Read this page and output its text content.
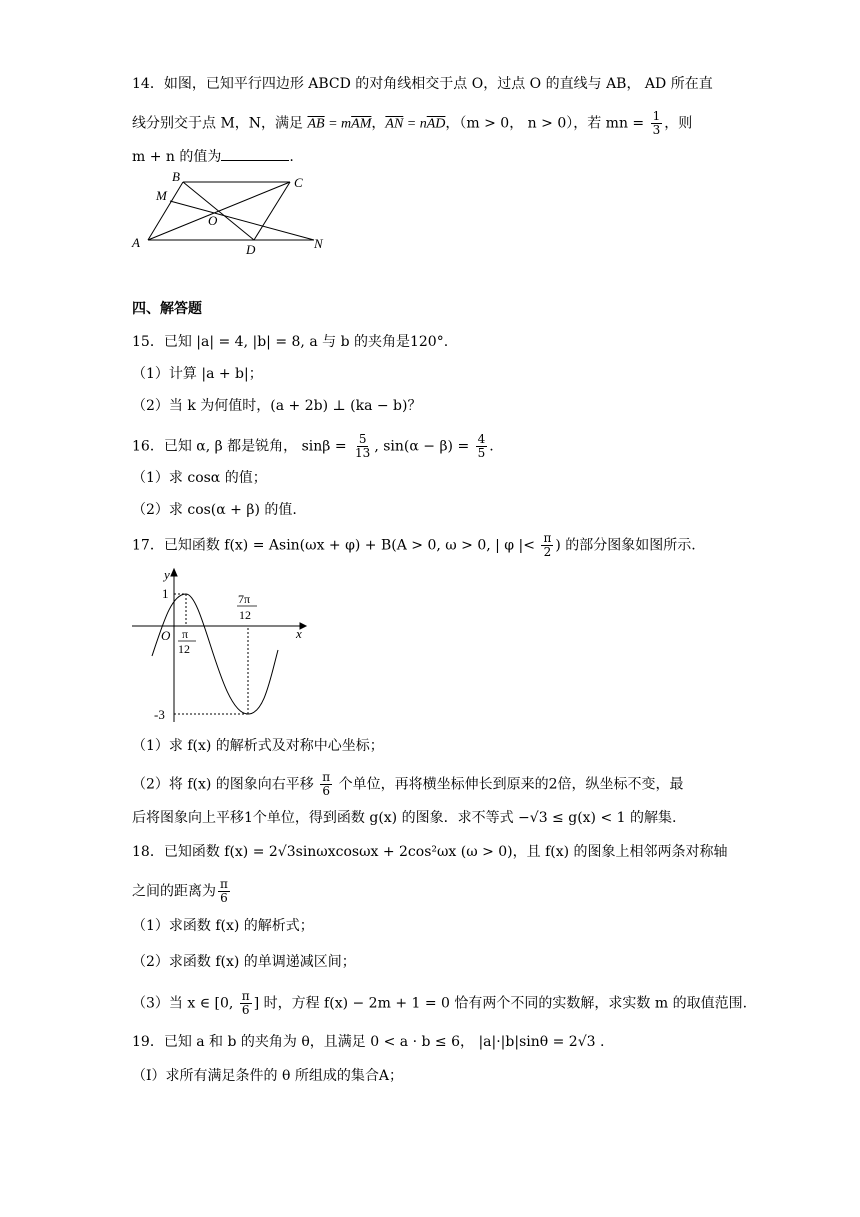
14．如图，已知平行四边形 ABCD 的对角线相交于点 O，过点 O 的直线与 AB， AD 所在直
线分别交于点 M，N，满足 $\overline{AB} = m\overline{AM}$，$\overline{AN} = n\overline{AD}$，（m > 0， n > 0），若 mn = $\frac{1}{3}$ ，则
m + n 的值为	.
B	C
M
O
A	D	N
四、解答题
15．已知 |a| = 4, |b| = 8, a 与 b 的夹角是120°.
（1）计算 |a + b|；
（2）当 k 为何值时，(a + 2b) ⊥ (ka − b)？
16．已知 α, β 都是锐角， $\sin\beta = \frac{5}{13}$ , $\sin(\alpha - \beta) = \frac{4}{5}$ .
（1）求 cosα 的值；
（2）求 cos(α + β) 的值.
17．已知函数 f(x) = Asin(ωx + φ) + B(A > 0, ω > 0, | φ |< $\frac{\pi}{2}$ ) 的部分图象如图所示.
y
x
1
O
-3
π
12
7π
12
（1）求 f(x) 的解析式及对称中心坐标；
（2）将 f(x) 的图象向右平移 $\frac{\pi}{6}$ 个单位，再将横坐标伸长到原来的2倍，纵坐标不变，最
后将图象向上平移1个单位，得到函数 g(x) 的图象．求不等式 −√3 ≤ g(x) < 1 的解集.
18．已知函数 f(x) = 2√3sinωxcosωx + 2cos²ωx (ω > 0)，且 f(x) 的图象上相邻两条对称轴
之间的距离为 $\frac{\pi}{6}$
（1）求函数 f(x) 的解析式；
（2）求函数 f(x) 的单调递减区间；
（3）当 x ∈ [0, $\frac{\pi}{6}$ ] 时，方程 f(x) − 2m + 1 = 0 恰有两个不同的实数解，求实数 m 的取值范围.
19．已知 a 和 b 的夹角为 θ，且满足 0 < a · b ≤ 6， |a|·|b|sinθ = 2√3 .
（Ⅰ）求所有满足条件的 θ 所组成的集合A；
